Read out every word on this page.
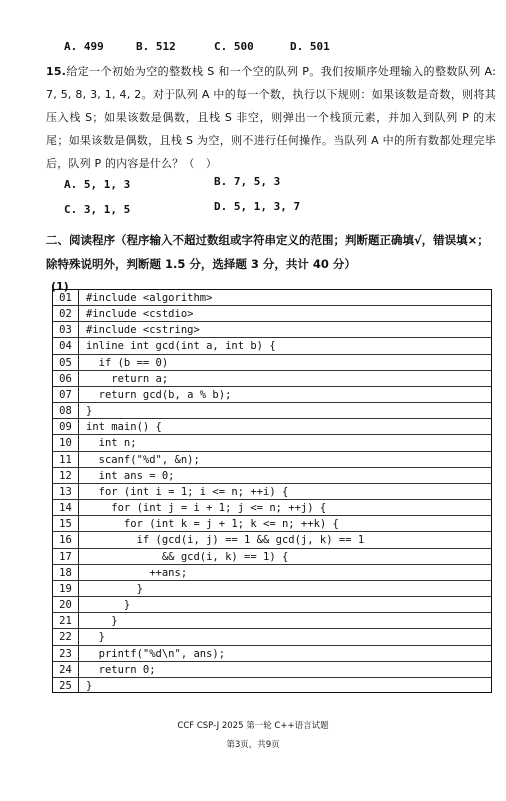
A. 499	B. 512	C. 500	D. 501
15.给定一个初始为空的整数栈 S 和一个空的队列 P。我们按顺序处理输入的整数队列 A: 7, 5, 8, 3, 1, 4, 2。对于队列 A 中的每一个数，执行以下规则：如果该数是奇数，则将其压入栈 S；如果该数是偶数，且栈 S 非空，则弹出一个栈顶元素，并加入到队列 P 的末尾；如果该数是偶数，且栈 S 为空，则不进行任何操作。当队列 A 中的所有数都处理完毕后，队列 P 的内容是什么？（　）
A. 5, 1, 3	B. 7, 5, 3
C. 3, 1, 5	D. 5, 1, 3, 7
二、阅读程序（程序输入不超过数组或字符串定义的范围；判断题正确填√，错误填×；除特殊说明外，判断题 1.5 分，选择题 3 分，共计 40 分）
(1)
01	#include <algorithm>
02	#include <cstdio>
03	#include <cstring>
04	inline int gcd(int a, int b) {
05	if (b == 0)
06	return a;
07	return gcd(b, a % b);
08	}
09	int main() {
10	int n;
11	scanf("%d", &n);
12	int ans = 0;
13	for (int i = 1; i <= n; ++i) {
14	for (int j = i + 1; j <= n; ++j) {
15	for (int k = j + 1; k <= n; ++k) {
16	if (gcd(i, j) == 1 && gcd(j, k) == 1
17	&& gcd(i, k) == 1) {
18	++ans;
19	}
20	}
21	}
22	}
23	printf("%d\n", ans);
24	return 0;
25	}
CCF CSP-J 2025 第一轮 C++语言试题
第3页，共9页
